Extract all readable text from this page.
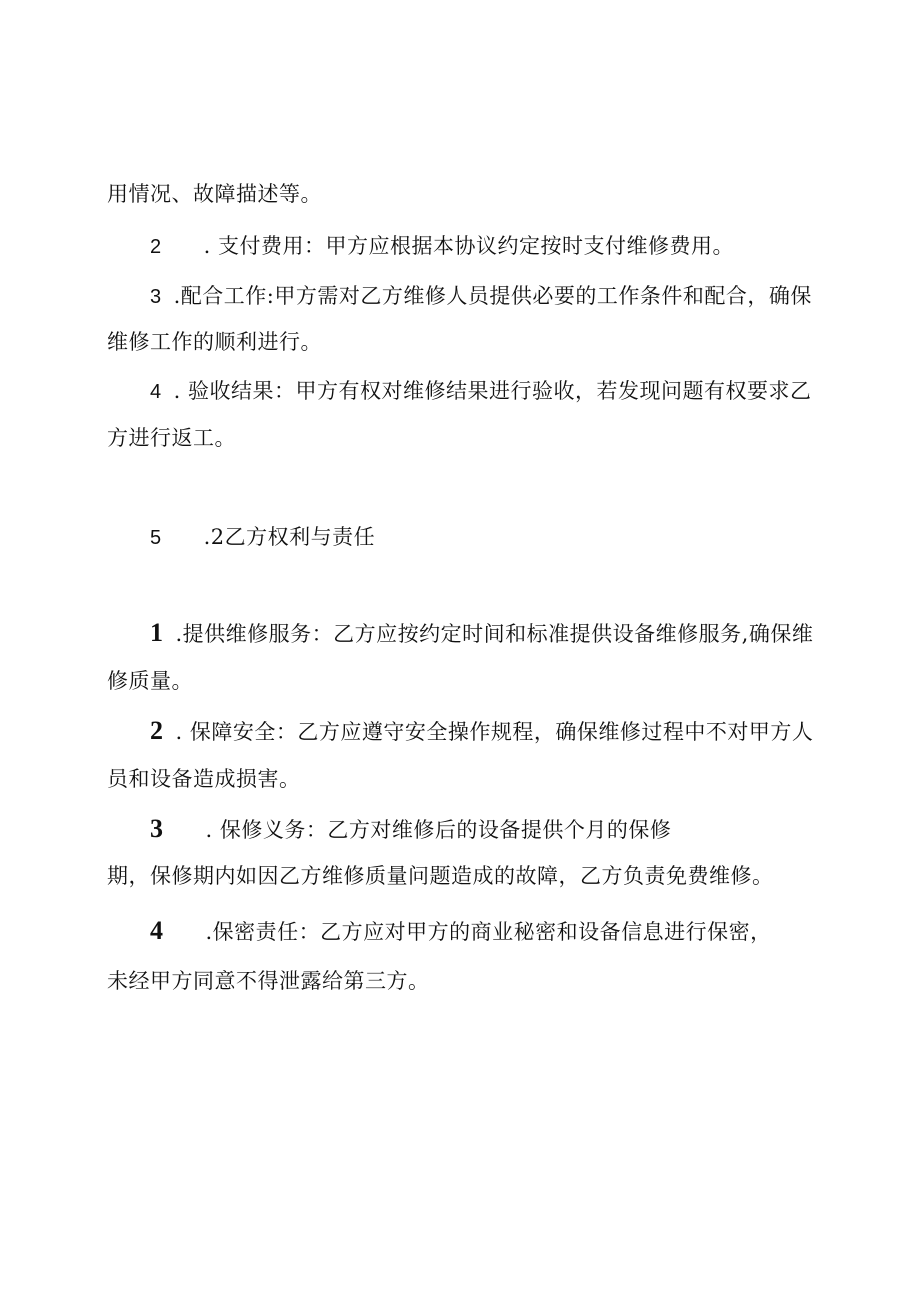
用情况、故障描述等。
2 . 支付费用：甲方应根据本协议约定按时支付维修费用。
3 .配合工作:甲方需对乙方维修人员提供必要的工作条件和配合，确保
维修工作的顺利进行。
4 . 验收结果：甲方有权对维修结果进行验收，若发现问题有权要求乙
方进行返工。
5 .2乙方权利与责任
1 .提供维修服务：乙方应按约定时间和标准提供设备维修服务,确保维
修质量。
2 . 保障安全：乙方应遵守安全操作规程，确保维修过程中不对甲方人
员和设备造成损害。
3 . 保修义务：乙方对维修后的设备提供个月的保修
期，保修期内如因乙方维修质量问题造成的故障，乙方负责免费维修。
4 .保密责任：乙方应对甲方的商业秘密和设备信息进行保密，
未经甲方同意不得泄露给第三方。
